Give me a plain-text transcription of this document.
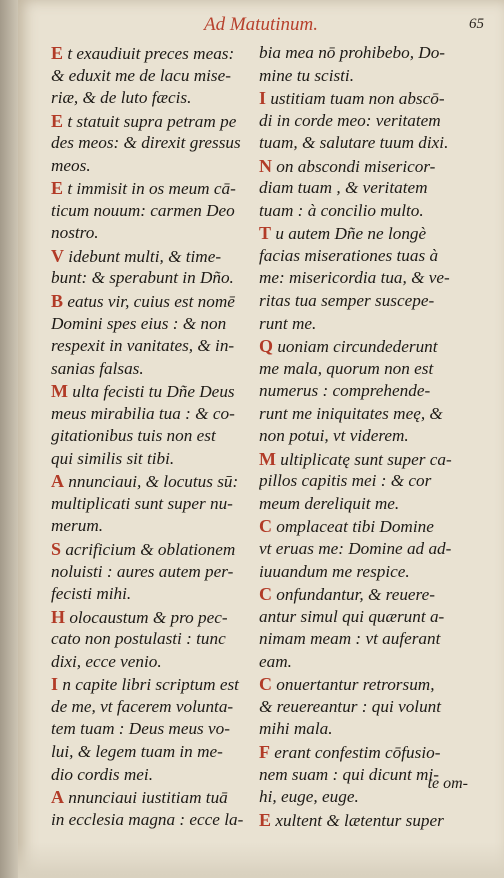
Ad Matutinum.	65
E t exaudiuit preces meas:
& eduxit me de lacu mise-
riæ, & de luto fæcis.
E t statuit supra petram pe
des meos: & direxit gressus
meos.
E t immisit in os meum cā-
ticum nouum: carmen Deo
nostro.
V idebunt multi, & time-
bunt: & sperabunt in Dño.
B eatus vir, cuius est nomē
Domini spes eius : & non
respexit in vanitates, & in-
sanias falsas.
M ulta fecisti tu Dñe Deus
meus mirabilia tua : & co-
gitationibus tuis non est
qui similis sit tibi.
A nnunciaui, & locutus sū:
multiplicati sunt super nu-
merum.
S acrificium & oblationem
noluisti : aures autem per-
fecisti mihi.
H olocaustum & pro pec-
cato non postulasti : tunc
dixi, ecce venio.
I n capite libri scriptum est
de me, vt facerem volunta-
tem tuam : Deus meus vo-
lui, & legem tuam in me-
dio cordis mei.
A nnunciaui iustitiam tuā
in ecclesia magna : ecce la-
bia mea nō prohibebo, Do-
mine tu scisti.
I ustitiam tuam non abscō-
di in corde meo: veritatem
tuam, & salutare tuum dixi.
N on abscondi misericor-
diam tuam , & veritatem
tuam : à concilio multo.
T u autem Dñe ne longè
facias miserationes tuas à
me: misericordia tua, & ve-
ritas tua semper suscepe-
runt me.
Q uoniam circundederunt
me mala, quorum non est
numerus : comprehende-
runt me iniquitates meę, &
non potui, vt viderem.
M ultiplicatę sunt super ca-
pillos capitis mei : & cor
meum dereliquit me.
C omplaceat tibi Domine
vt eruas me: Domine ad ad-
iuuandum me respice.
C onfundantur, & reuere-
antur simul qui quærunt a-
nimam meam : vt auferant
eam.
C onuertantur retrorsum,
& reuereantur : qui volunt
mihi mala.
F erant confestim cōfusio-
nem suam : qui dicunt mi-
hi, euge, euge.
E xultent & lætentur super
te om-
